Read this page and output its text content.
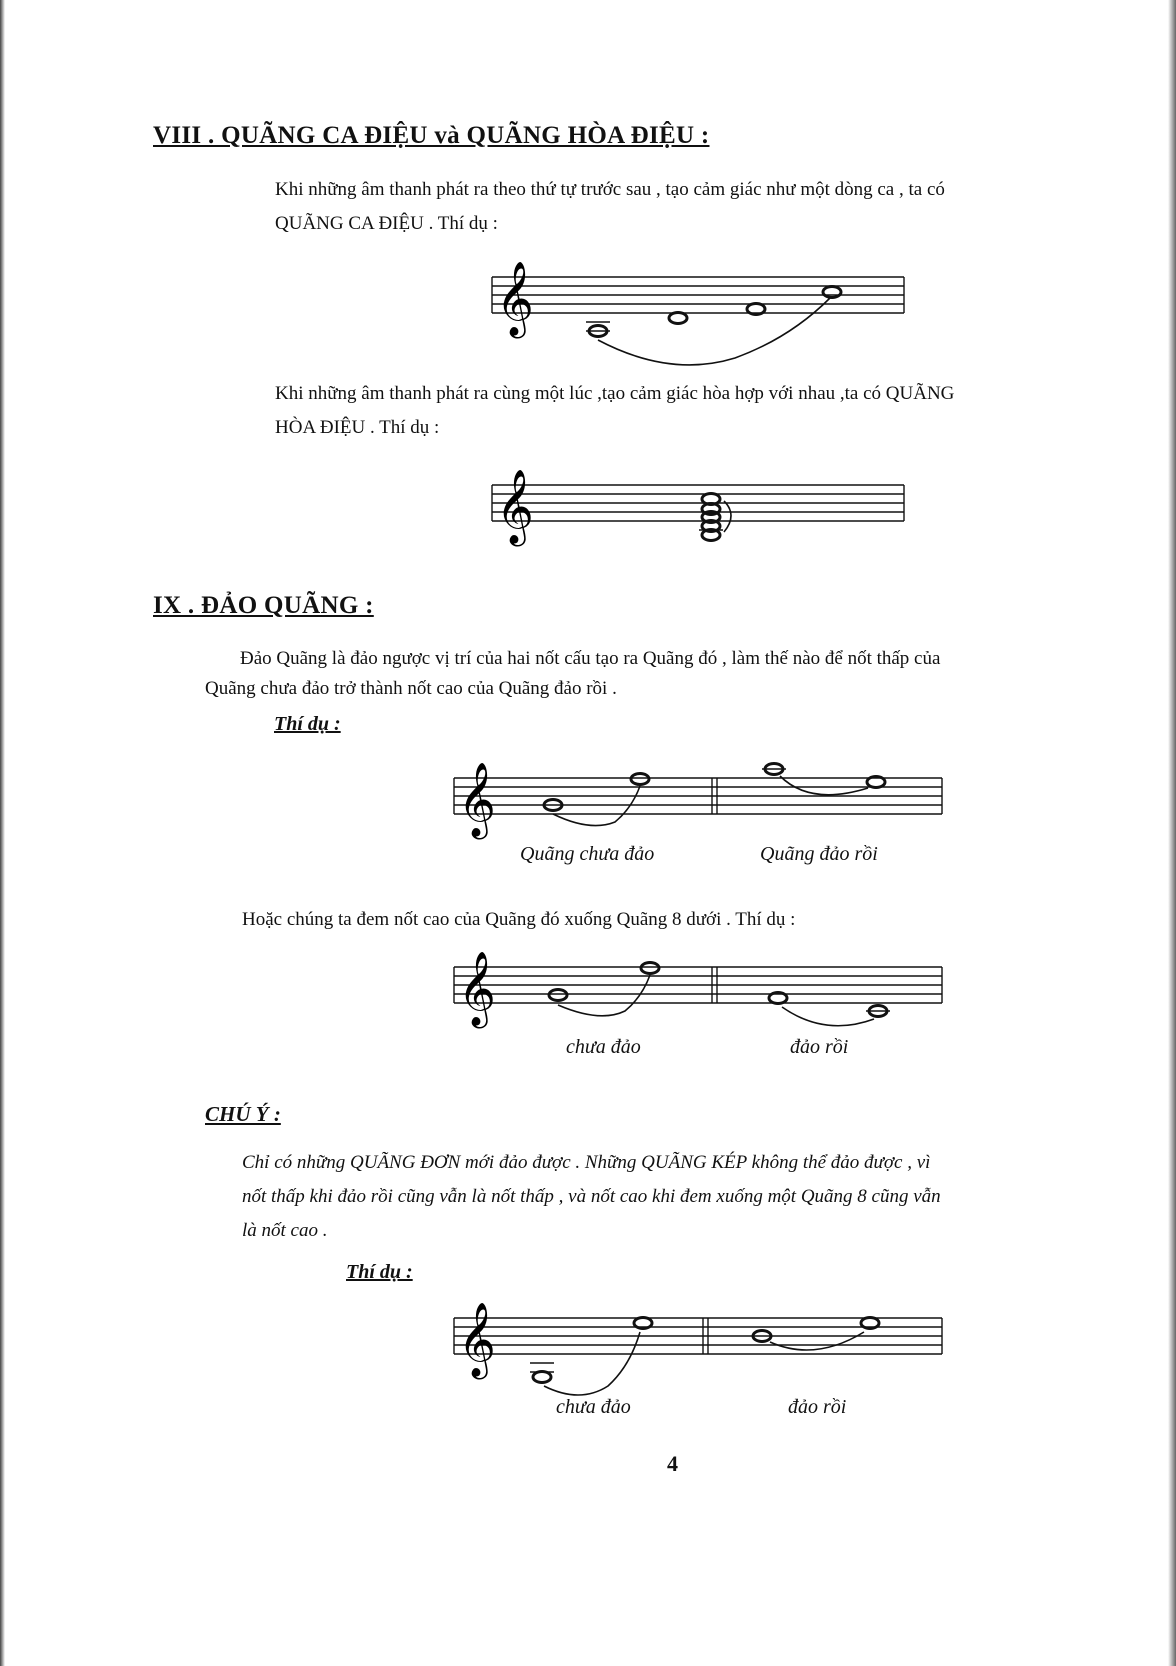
VIII . QUÃNG CA ĐIỆU và QUÃNG HÒA ĐIỆU :
Khi những âm thanh phát ra theo thứ tự trước sau , tạo cảm giác như một dòng ca , ta có
QUÃNG CA ĐIỆU . Thí dụ :
𝄞
Khi những âm thanh phát ra cùng một lúc ,tạo cảm giác hòa hợp với nhau ,ta có QUÃNG
HÒA ĐIỆU . Thí dụ :
𝄞
IX . ĐẢO QUÃNG :
Đảo Quãng là đảo ngược vị trí của hai nốt cấu tạo ra Quãng đó , làm thế nào để nốt thấp của
Quãng chưa đảo trở thành nốt cao của Quãng đảo rồi .
Thí dụ :
𝄞
Quãng chưa đảo	Quãng đảo rồi
Hoặc chúng ta đem nốt cao của Quãng đó xuống Quãng 8 dưới . Thí dụ :
𝄞
chưa đảo	đảo rồi
CHÚ Ý :
Chỉ có những QUÃNG ĐƠN mới đảo được . Những QUÃNG KÉP không thể đảo được , vì
nốt thấp khi đảo rồi cũng vẫn là nốt thấp , và nốt cao khi đem xuống một Quãng 8 cũng vẫn
là nốt cao .
Thí dụ :
𝄞
chưa đảo	đảo rồi
4
